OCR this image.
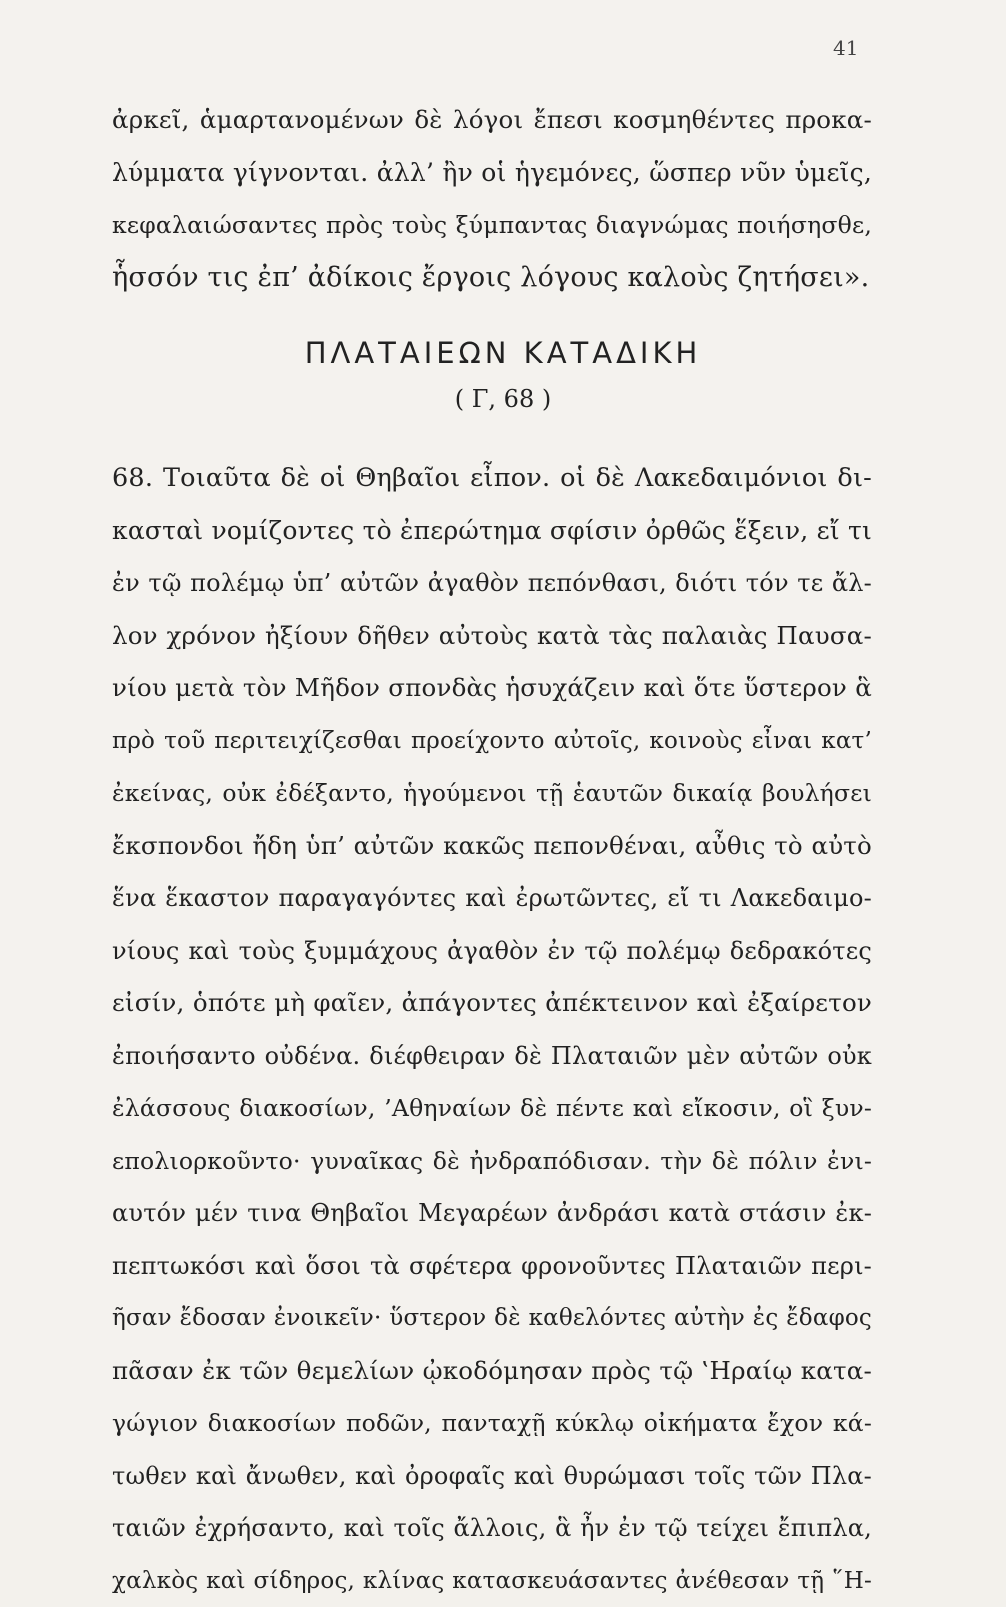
41
ἀρκεῖ, ἁμαρτανομένων δὲ λόγοι ἔπεσι κοσμηθέντες προκα-
λύμματα γίγνονται. ἀλλ’ ἢν οἱ ἡγεμόνες, ὥσπερ νῦν ὑμεῖς,
κεφαλαιώσαντες πρὸς τοὺς ξύμπαντας διαγνώμας ποιήσησθε,
ἧσσόν τις ἐπ’ ἀδίκοις ἔργοις λόγους καλοὺς ζητήσει».
ΠΛΑΤΑΙΕΩΝ ΚΑΤΑΔΙΚΗ
( Γ, 68 )
68. Τοιαῦτα δὲ οἱ Θηβαῖοι εἶπον. οἱ δὲ Λακεδαιμόνιοι δι-
κασταὶ νομίζοντες τὸ ἐπερώτημα σφίσιν ὀρθῶς ἕξειν, εἴ τι
ἐν τῷ πολέμῳ ὑπ’ αὐτῶν ἀγαθὸν πεπόνθασι, διότι τόν τε ἄλ-
λον χρόνον ἠξίουν δῆθεν αὐτοὺς κατὰ τὰς παλαιὰς Παυσα-
νίου μετὰ τὸν Μῆδον σπονδὰς ἡσυχάζειν καὶ ὅτε ὕστερον ἃ
πρὸ τοῦ περιτειχίζεσθαι προείχοντο αὐτοῖς, κοινοὺς εἶναι κατ’
ἐκείνας, οὐκ ἐδέξαντο, ἡγούμενοι τῇ ἑαυτῶν δικαίᾳ βουλήσει
ἔκσπονδοι ἤδη ὑπ’ αὐτῶν κακῶς πεπονθέναι, αὖθις τὸ αὐτὸ
ἕνα ἕκαστον παραγαγόντες καὶ ἐρωτῶντες, εἴ τι Λακεδαιμο-
νίους καὶ τοὺς ξυμμάχους ἀγαθὸν ἐν τῷ πολέμῳ δεδρακότες
εἰσίν, ὁπότε μὴ φαῖεν, ἀπάγοντες ἀπέκτεινον καὶ ἐξαίρετον
ἐποιήσαντο οὐδένα. διέφθειραν δὲ Πλαταιῶν μὲν αὐτῶν οὐκ
ἐλάσσους διακοσίων, ’Αθηναίων δὲ πέντε καὶ εἴκοσιν, οἳ ξυν-
επολιορκοῦντο· γυναῖκας δὲ ἠνδραπόδισαν. τὴν δὲ πόλιν ἐνι-
αυτόν μέν τινα Θηβαῖοι Μεγαρέων ἀνδράσι κατὰ στάσιν ἐκ-
πεπτωκόσι καὶ ὅσοι τὰ σφέτερα φρονοῦντες Πλαταιῶν περι-
ῆσαν ἔδοσαν ἐνοικεῖν· ὕστερον δὲ καθελόντες αὐτὴν ἐς ἔδαφος
πᾶσαν ἐκ τῶν θεμελίων ᾠκοδόμησαν πρὸς τῷ ‛Ηραίῳ κατα-
γώγιον διακοσίων ποδῶν, πανταχῇ κύκλῳ οἰκήματα ἔχον κά-
τωθεν καὶ ἄνωθεν, καὶ ὀροφαῖς καὶ θυρώμασι τοῖς τῶν Πλα-
ταιῶν ἐχρήσαντο, καὶ τοῖς ἄλλοις, ἃ ἦν ἐν τῷ τείχει ἔπιπλα,
χαλκὸς καὶ σίδηρος, κλίνας κατασκευάσαντες ἀνέθεσαν τῇ ῞Η-
